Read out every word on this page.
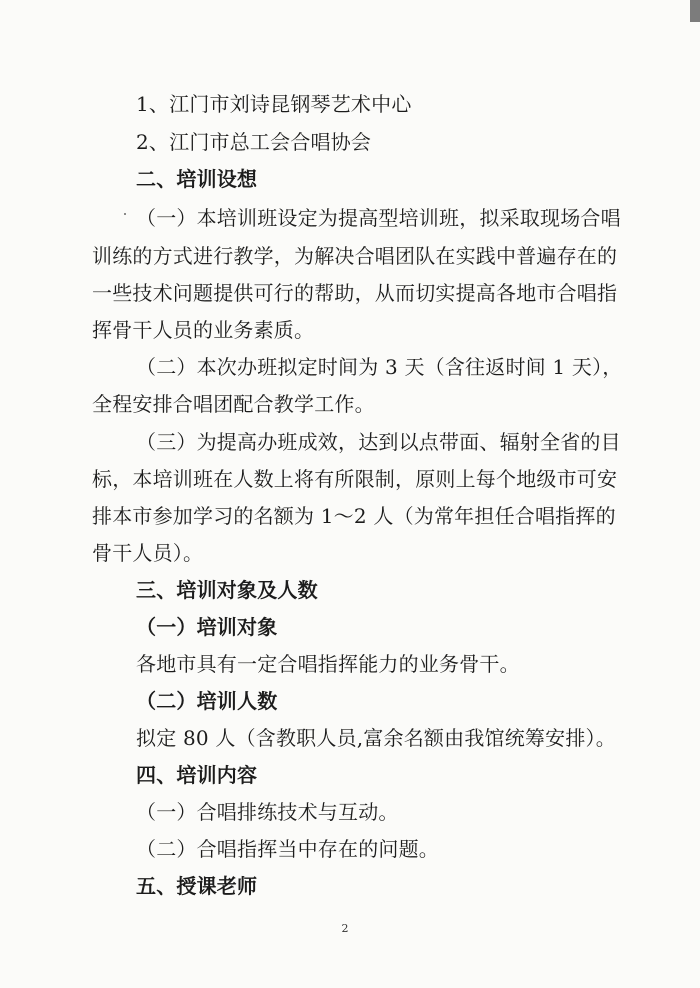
1、江门市刘诗昆钢琴艺术中心
2、江门市总工会合唱协会
二、培训设想
（一）本培训班设定为提高型培训班，拟采取现场合唱
训练的方式进行教学，为解决合唱团队在实践中普遍存在的
一些技术问题提供可行的帮助，从而切实提高各地市合唱指
挥骨干人员的业务素质。
（二）本次办班拟定时间为 3 天（含往返时间 1 天），
全程安排合唱团配合教学工作。
（三）为提高办班成效，达到以点带面、辐射全省的目
标，本培训班在人数上将有所限制，原则上每个地级市可安
排本市参加学习的名额为 1～2 人（为常年担任合唱指挥的
骨干人员）。
三、培训对象及人数
（一）培训对象
各地市具有一定合唱指挥能力的业务骨干。
（二）培训人数
拟定 80 人（含教职人员,富余名额由我馆统筹安排）。
四、培训内容
（一）合唱排练技术与互动。
（二）合唱指挥当中存在的问题。
五、授课老师
2
